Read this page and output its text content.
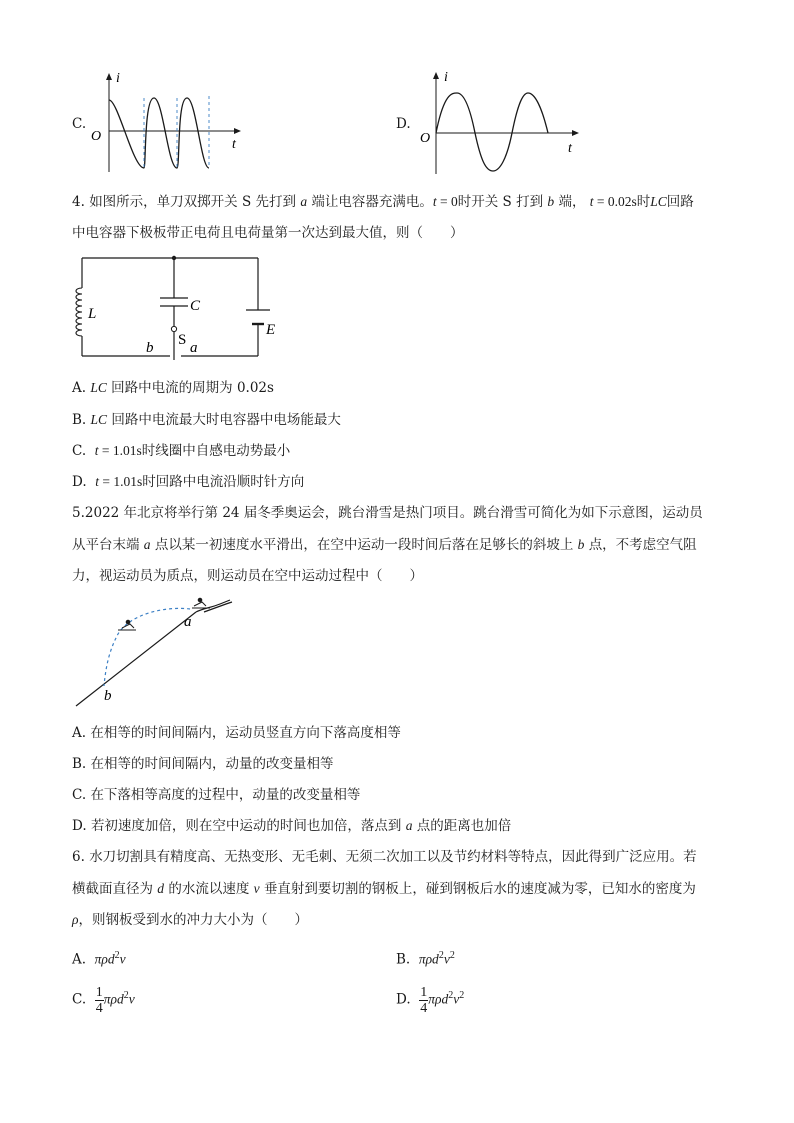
C.
i
O
t
D.
i
O
t
4. 如图所示，单刀双掷开关 S 先打到 a 端让电容器充满电。t = 0时开关 S 打到 b 端， t = 0.02s时LC回路
中电容器下极板带正电荷且电荷量第一次达到最大值，则（　　）
L	C
S a
b
E
A. LC 回路中电流的周期为 0.02s
B. LC 回路中电流最大时电容器中电场能最大
C. t = 1.01s时线圈中自感电动势最小
D. t = 1.01s时回路中电流沿顺时针方向
5.2022 年北京将举行第 24 届冬季奥运会，跳台滑雪是热门项目。跳台滑雪可简化为如下示意图，运动员
从平台末端 a 点以某一初速度水平滑出，在空中运动一段时间后落在足够长的斜坡上 b 点，不考虑空气阻
力，视运动员为质点，则运动员在空中运动过程中（　　）
a
b
A. 在相等的时间间隔内，运动员竖直方向下落高度相等
B. 在相等的时间间隔内，动量的改变量相等
C. 在下落相等高度的过程中，动量的改变量相等
D. 若初速度加倍，则在空中运动的时间也加倍，落点到 a 点的距离也加倍
6. 水刀切割具有精度高、无热变形、无毛刺、无须二次加工以及节约材料等特点，因此得到广泛应用。若
横截面直径为 d 的水流以速度 v 垂直射到要切割的钢板上，碰到钢板后水的速度减为零，已知水的密度为
ρ，则钢板受到水的冲力大小为（　　）
A. πρd$^2$v	B. $\pi\rho d^2v^2$
C. $\frac{1}{4} \pi\rho d^2v$	D. $\frac{1}{4} \pi\rho d^2v^2$
